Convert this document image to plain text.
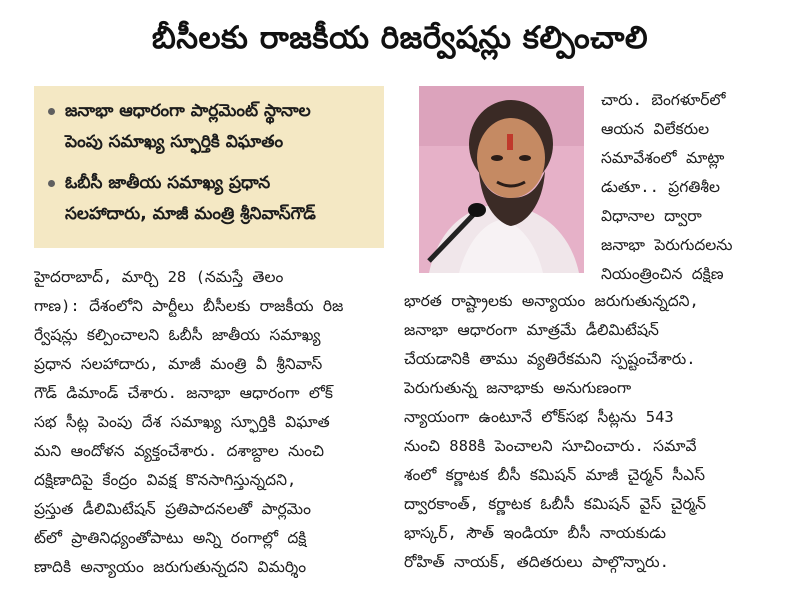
బీసీలకు రాజకీయ రిజర్వేషన్లు కల్పించాలి
జనాభా ఆధారంగా పార్లమెంట్ స్థానాల
పెంపు సమాఖ్య స్ఫూర్తికి విఘాతం
ఓబీసీ జాతీయ సమాఖ్య ప్రధాన
సలహాదారు, మాజీ మంత్రి శ్రీనివాస్‌గౌడ్
చారు. బెంగళూర్‌లో
ఆయన విలేకరుల
సమావేశంలో మాట్లా
డుతూ.. ప్రగతిశీల
విధానాల ద్వారా
జనాభా పెరుగుదలను
నియంత్రించిన దక్షిణ
హైదరాబాద్, మార్చి 28 (నమస్తే తెలం
గాణ): దేశంలోని పార్టీలు బీసీలకు రాజకీయ రిజ
ర్వేషన్లు కల్పించాలని ఓబీసీ జాతీయ సమాఖ్య
ప్రధాన సలహాదారు, మాజీ మంత్రి వీ శ్రీనివాస్
గౌడ్ డిమాండ్ చేశారు. జనాభా ఆధారంగా లోక్
సభ సీట్ల పెంపు దేశ సమాఖ్య స్ఫూర్తికి విఘాత
మని ఆందోళన వ్యక్తంచేశారు. దశాబ్దాల నుంచి
దక్షిణాదిపై కేంద్రం వివక్ష కొనసాగిస్తున్నదని,
ప్రస్తుత డీలిమిటేషన్ ప్రతిపాదనలతో పార్లమెం
ట్‌లో ప్రాతినిధ్యంతోపాటు అన్ని రంగాల్లో దక్షి
ణాదికి అన్యాయం జరుగుతున్నదని విమర్శిం
భారత రాష్ట్రాలకు అన్యాయం జరుగుతున్నదని,
జనాభా ఆధారంగా మాత్రమే డీలిమిటేషన్
చేయడానికి తాము వ్యతిరేకమని స్పష్టంచేశారు.
పెరుగుతున్న జనాభాకు అనుగుణంగా
న్యాయంగా ఉంటూనే లోక్‌సభ సీట్లను 543
నుంచి 888కి పెంచాలని సూచించారు. సమావే
శంలో కర్ణాటక బీసీ కమిషన్ మాజీ చైర్మన్ సీఎస్
ద్వారకాంత్, కర్ణాటక ఓబీసీ కమిషన్ వైస్ చైర్మన్
భాస్కర్, సౌత్ ఇండియా బీసీ నాయకుడు
రోహిత్ నాయక్, తదితరులు పాల్గొన్నారు.
